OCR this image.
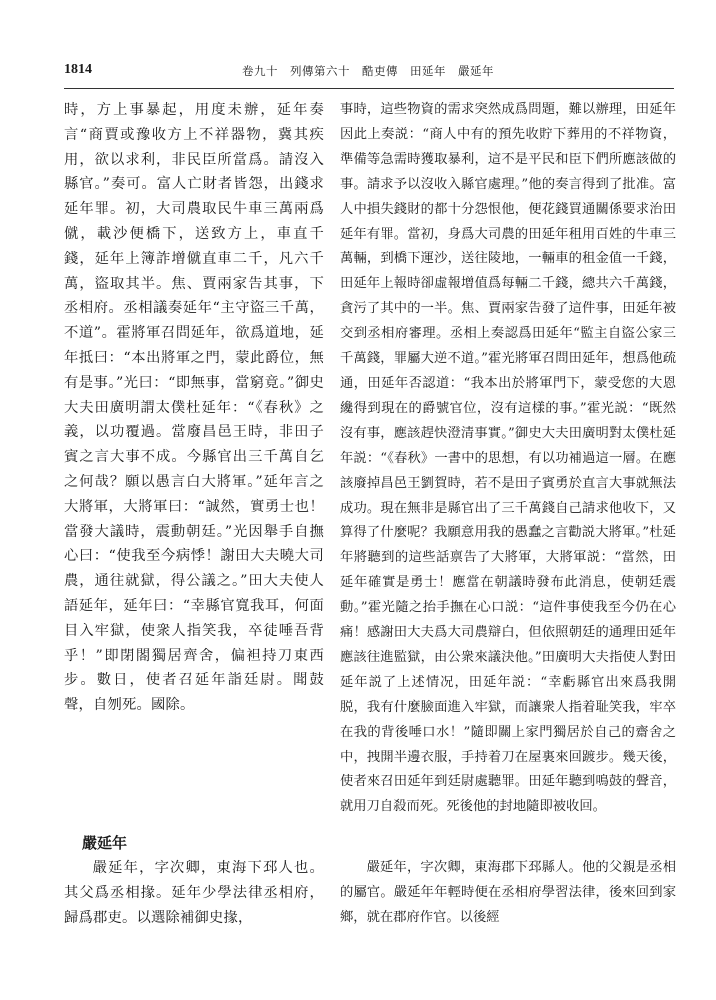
1814	卷九十　列傳第六十　酷吏傳　田延年　嚴延年

時，方上事暴起，用度未辦，延年奏言“商賈或豫收方上不祥器物，冀其疾用，欲以求利，非民臣所當爲。請沒入縣官。”奏可。富人亡財者皆怨，出錢求延年罪。初，大司農取民牛車三萬兩爲僦，載沙便橋下，送致方上，車直千錢，延年上簿詐增僦直車二千，凡六千萬，盜取其半。焦、賈兩家告其事，下丞相府。丞相議奏延年“主守盜三千萬，不道”。霍將軍召問延年，欲爲道地，延年抵曰：“本出將軍之門，蒙此爵位，無有是事。”光曰：“即無事，當窮竟。”御史大夫田廣明謂太僕杜延年：“《春秋》之義，以功覆過。當廢昌邑王時，非田子賓之言大事不成。今縣官出三千萬自乞之何哉？願以愚言白大將軍。”延年言之大將軍，大將軍曰：“誠然，實勇士也！當發大議時，震動朝廷。”光因舉手自撫心曰：“使我至今病悸！謝田大夫曉大司農，通往就獄，得公議之。”田大夫使人語延年，延年曰：“幸縣官寬我耳，何面目入牢獄，使衆人指笑我，卒徒唾吾背乎！”即閉閤獨居齊舍，偏袒持刀東西步。數日，使者召延年詣廷尉。聞鼓聲，自刎死。國除。

事時，這些物資的需求突然成爲問題，難以辦理，田延年因此上奏説：“商人中有的預先收貯下葬用的不祥物資，準備等急需時獲取暴利，這不是平民和臣下們所應該做的事。請求予以沒收入縣官處理。”他的奏言得到了批准。富人中損失錢財的都十分怨恨他，便花錢買通關係要求治田延年有罪。當初，身爲大司農的田延年租用百姓的牛車三萬輛，到橋下運沙，送往陵地，一輛車的租金值一千錢，田延年上報時卻虛報增值爲每輛二千錢，總共六千萬錢，貪污了其中的一半。焦、賈兩家告發了這件事，田延年被交到丞相府審理。丞相上奏認爲田延年“監主自盜公家三千萬錢，罪屬大逆不道。”霍光將軍召問田延年，想爲他疏通，田延年否認道：“我本出於將軍門下，蒙受您的大恩纔得到現在的爵號官位，沒有這樣的事。”霍光説：“既然沒有事，應該趕快澄清事實。”御史大夫田廣明對太僕杜延年説：“《春秋》一書中的思想，有以功補過這一層。在應該廢掉昌邑王劉賀時，若不是田子賓勇於直言大事就無法成功。現在無非是縣官出了三千萬錢自己請求他收下，又算得了什麼呢？我願意用我的愚蠢之言勸説大將軍。”杜延年將聽到的這些話禀告了大將軍，大將軍説：“當然，田延年確實是勇士！應當在朝議時發布此消息，使朝廷震動。”霍光隨之抬手撫在心口説：“這件事使我至今仍在心痛！感謝田大夫爲大司農辯白，但依照朝廷的通理田延年應該往進監獄，由公衆來議決他。”田廣明大夫指使人對田延年説了上述情况，田延年説：“幸虧縣官出來爲我開脱，我有什麼臉面進入牢獄，而讓衆人指着耻笑我，牢卒在我的背後唾口水！”隨即關上家門獨居於自己的齋舍之中，拽開半邊衣服，手持着刀在屋裏來回踱步。幾天後，使者來召田延年到廷尉處聽罪。田延年聽到鳴鼓的聲音，就用刀自殺而死。死後他的封地隨即被收回。

嚴延年

嚴延年，字次卿，東海下邳人也。其父爲丞相掾。延年少學法律丞相府，歸爲郡吏。以選除補御史掾，

嚴延年，字次卿，東海郡下邳縣人。他的父親是丞相的屬官。嚴延年年輕時便在丞相府學習法律，後來回到家鄉，就在郡府作官。以後經
